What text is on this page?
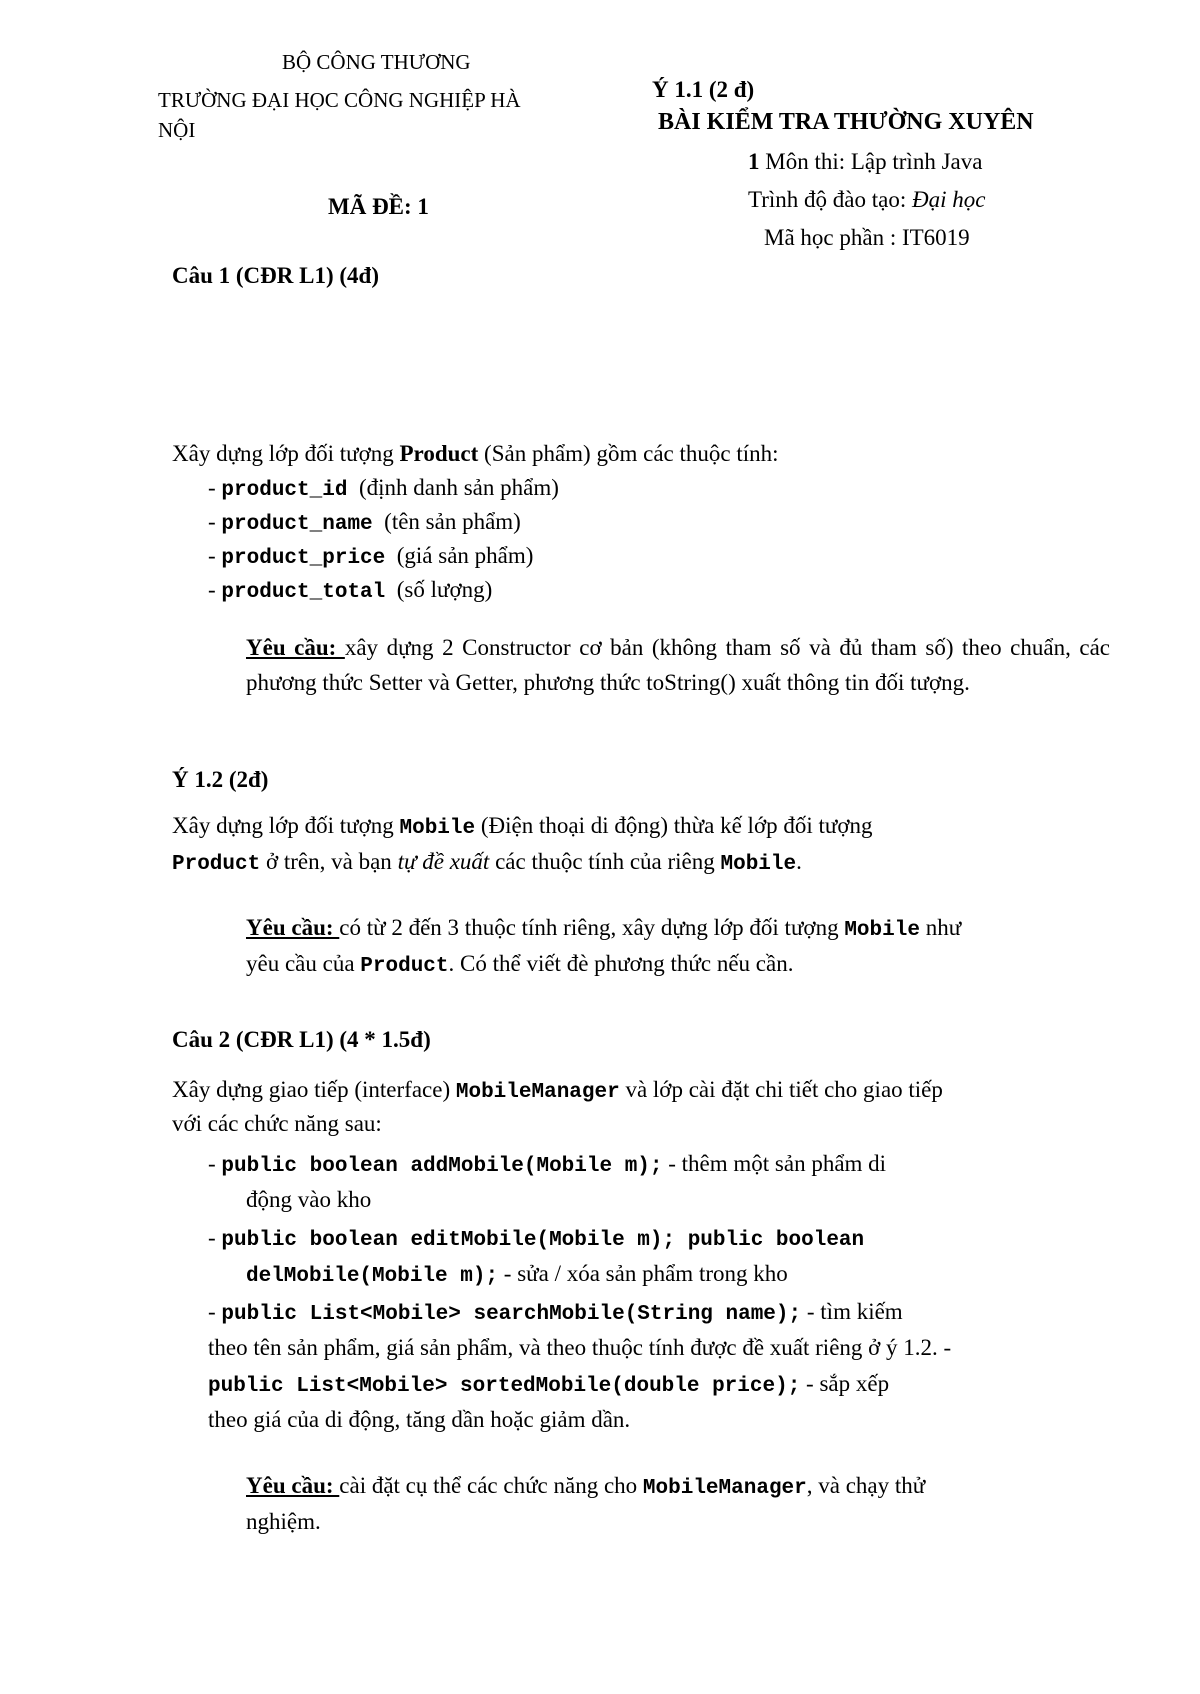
BỘ CÔNG THƯƠNG
TRƯỜNG ĐẠI HỌC CÔNG NGHIỆP HÀ
NỘI
MÃ ĐỀ: 1
Câu 1 (CĐR L1) (4đ)
Ý 1.1 (2 đ)
BÀI KIỂM TRA THƯỜNG XUYÊN
1 Môn thi: Lập trình Java
Trình độ đào tạo: Đại học
Mã học phần : IT6019
Xây dựng lớp đối tượng Product (Sản phẩm) gồm các thuộc tính:
- product_id (định danh sản phẩm)
- product_name (tên sản phẩm)
- product_price (giá sản phẩm)
- product_total (số lượng)
Yêu cầu: xây dựng 2 Constructor cơ bản (không tham số và đủ tham số) theo chuẩn, các phương thức Setter và Getter, phương thức toString() xuất thông tin đối tượng.
Ý 1.2 (2đ)
Xây dựng lớp đối tượng Mobile (Điện thoại di động) thừa kế lớp đối tượng
Product ở trên, và bạn tự đề xuất các thuộc tính của riêng Mobile.
Yêu cầu: có từ 2 đến 3 thuộc tính riêng, xây dựng lớp đối tượng Mobile như
yêu cầu của Product. Có thể viết đè phương thức nếu cần.
Câu 2 (CĐR L1) (4 * 1.5đ)
Xây dựng giao tiếp (interface) MobileManager và lớp cài đặt chi tiết cho giao tiếp
với các chức năng sau:
- public boolean addMobile(Mobile m); - thêm một sản phẩm di
động vào kho
- public boolean editMobile(Mobile m); public boolean
delMobile(Mobile m); - sửa / xóa sản phẩm trong kho
- public List<Mobile> searchMobile(String name); - tìm kiếm
theo tên sản phẩm, giá sản phẩm, và theo thuộc tính được đề xuất riêng ở ý 1.2. -
public List<Mobile> sortedMobile(double price); - sắp xếp
theo giá của di động, tăng dần hoặc giảm dần.
Yêu cầu: cài đặt cụ thể các chức năng cho MobileManager, và chạy thử
nghiệm.
